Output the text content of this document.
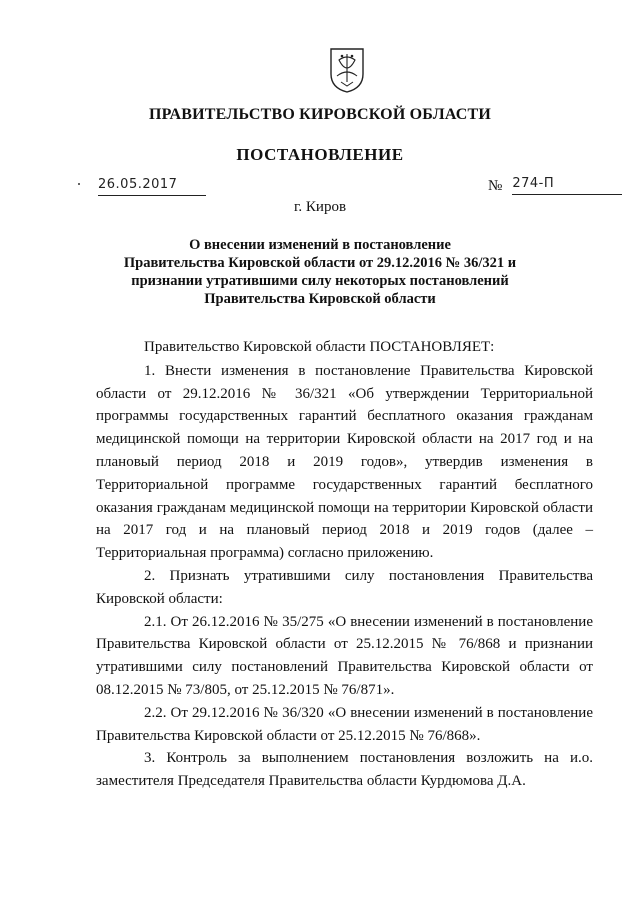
ПРАВИТЕЛЬСТВО КИРОВСКОЙ ОБЛАСТИ
ПОСТАНОВЛЕНИЕ
26.05.2017	№ 274-П
г. Киров
О внесении изменений в постановление
Правительства Кировской области от 29.12.2016 № 36/321 и
признании утратившими силу некоторых постановлений
Правительства Кировской области

Правительство Кировской области ПОСТАНОВЛЯЕТ:

1. Внести изменения в постановление Правительства Кировской области от 29.12.2016 № 36/321 «Об утверждении Территориальной программы государственных гарантий бесплатного оказания гражданам медицинской помощи на территории Кировской области на 2017 год и на плановый период 2018 и 2019 годов», утвердив изменения в Территориальной программе государственных гарантий бесплатного оказания гражданам медицинской помощи на территории Кировской области на 2017 год и на плановый период 2018 и 2019 годов (далее – Территориальная программа) согласно приложению.

2. Признать утратившими силу постановления Правительства Кировской области:

2.1. От 26.12.2016 № 35/275 «О внесении изменений в постановление Правительства Кировской области от 25.12.2015 № 76/868 и признании утратившими силу постановлений Правительства Кировской области от 08.12.2015 № 73/805, от 25.12.2015 № 76/871».

2.2. От 29.12.2016 № 36/320 «О внесении изменений в постановление Правительства Кировской области от 25.12.2015 № 76/868».

3. Контроль за выполнением постановления возложить на и.о. заместителя Председателя Правительства области Курдюмова Д.А.
